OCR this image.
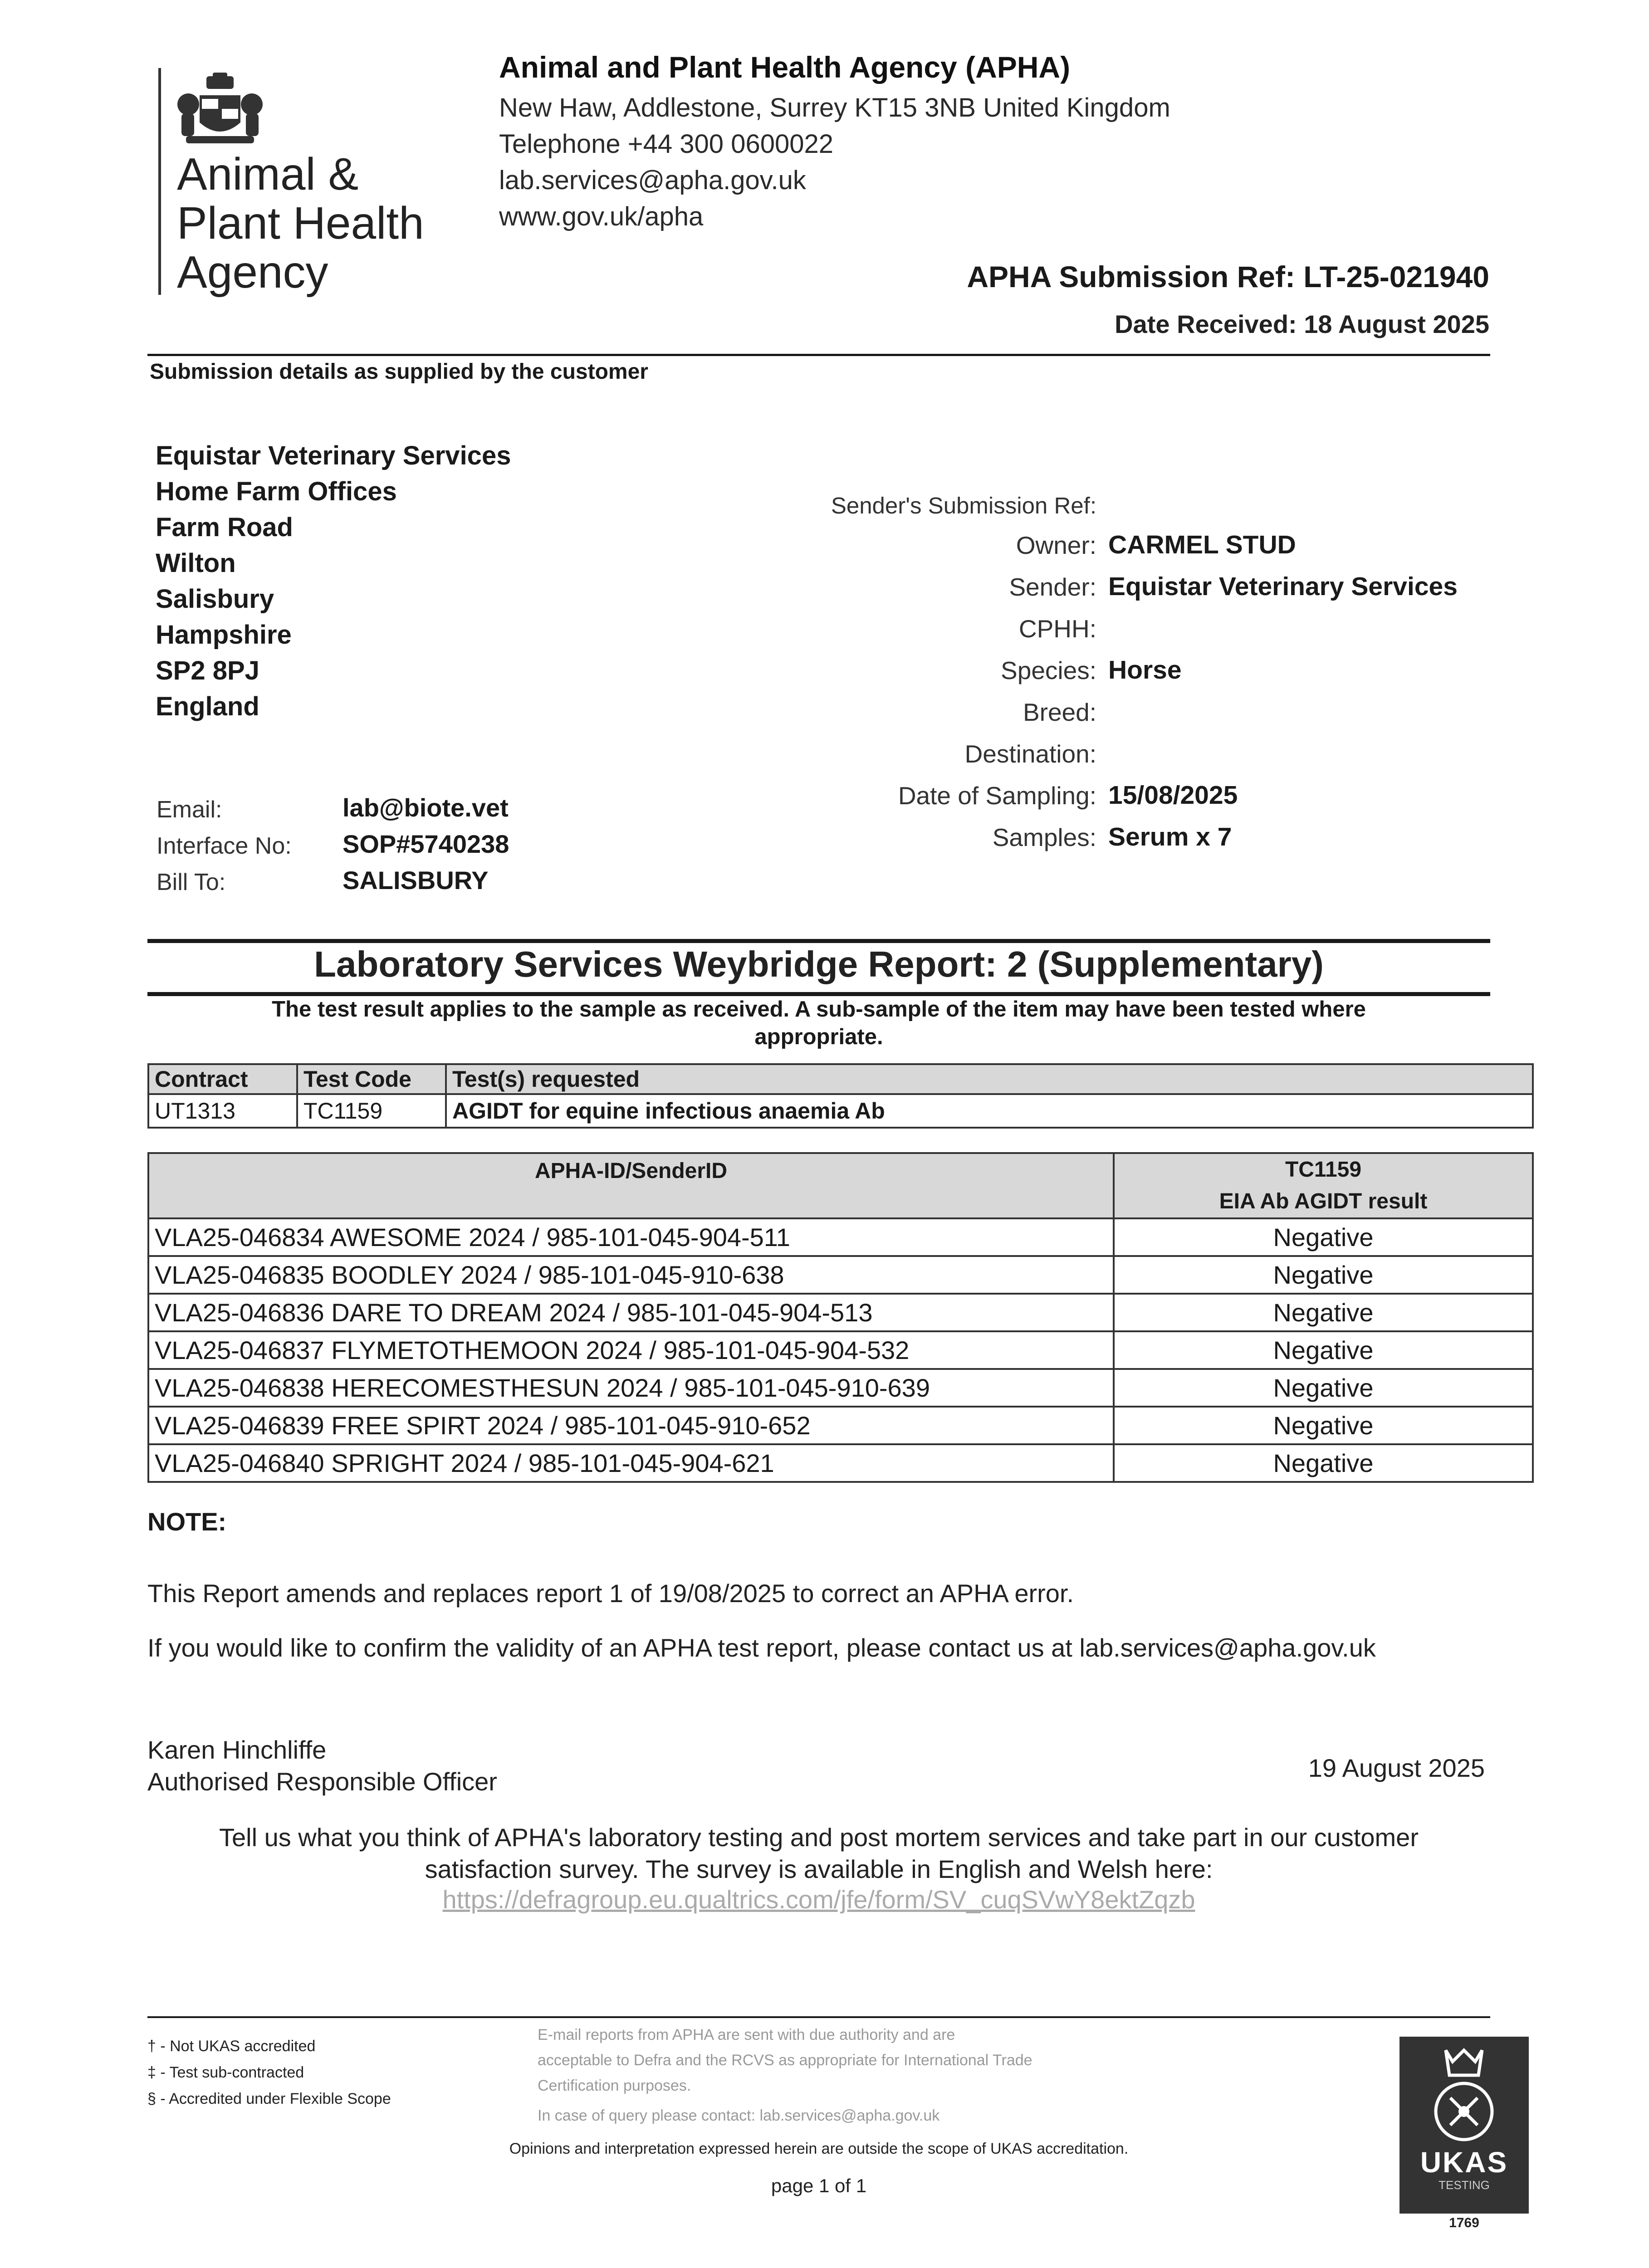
Animal &
Plant Health
Agency
Animal and Plant Health Agency (APHA)
New Haw, Addlestone, Surrey KT15 3NB United Kingdom
Telephone +44 300 0600022
lab.services@apha.gov.uk
www.gov.uk/apha
APHA Submission Ref: LT-25-021940
Date Received: 18 August 2025
Submission details as supplied by the customer
Equistar Veterinary Services
Home Farm Offices
Farm Road
Wilton
Salisbury
Hampshire
SP2 8PJ
England
Email:	lab@biote.vet
Interface No: SOP#5740238
Bill To:	SALISBURY
Sender's Submission Ref:
Owner: CARMEL STUD
Sender: Equistar Veterinary Services
CPHH:
Species: Horse
Breed:
Destination:
Date of Sampling: 15/08/2025
Samples: Serum x 7
Laboratory Services Weybridge Report: 2 (Supplementary)
The test result applies to the sample as received. A sub-sample of the item may have been tested where
appropriate.
Contract	Test Code	Test(s) requested
UT1313	TC1159	AGIDT for equine infectious anaemia Ab
APHA-ID/SenderID	TC1159
EIA Ab AGIDT result

VLA25-046834 AWESOME 2024 / 985-101-045-904-511	Negative
VLA25-046835 BOODLEY 2024 / 985-101-045-910-638	Negative
VLA25-046836 DARE TO DREAM 2024 / 985-101-045-904-513	Negative
VLA25-046837 FLYMETOTHEMOON 2024 / 985-101-045-904-532	Negative
VLA25-046838 HERECOMESTHESUN 2024 / 985-101-045-910-639	Negative
VLA25-046839 FREE SPIRT 2024 / 985-101-045-910-652	Negative
VLA25-046840 SPRIGHT 2024 / 985-101-045-904-621	Negative
NOTE:
This Report amends and replaces report 1 of 19/08/2025 to correct an APHA error.
If you would like to confirm the validity of an APHA test report, please contact us at lab.services@apha.gov.uk
Karen Hinchliffe
Authorised Responsible Officer	19 August 2025
Tell us what you think of APHA's laboratory testing and post mortem services and take part in our customer
satisfaction survey. The survey is available in English and Welsh here:
https://defragroup.eu.qualtrics.com/jfe/form/SV_cuqSVwY8ektZqzb
† - Not UKAS accredited
‡ - Test sub-contracted
§ - Accredited under Flexible Scope
E-mail reports from APHA are sent with due authority and are
acceptable to Defra and the RCVS as appropriate for International Trade
Certification purposes.
In case of query please contact: lab.services@apha.gov.uk
Opinions and interpretation expressed herein are outside the scope of UKAS accreditation.
page 1 of 1
UKAS
TESTING
1769
